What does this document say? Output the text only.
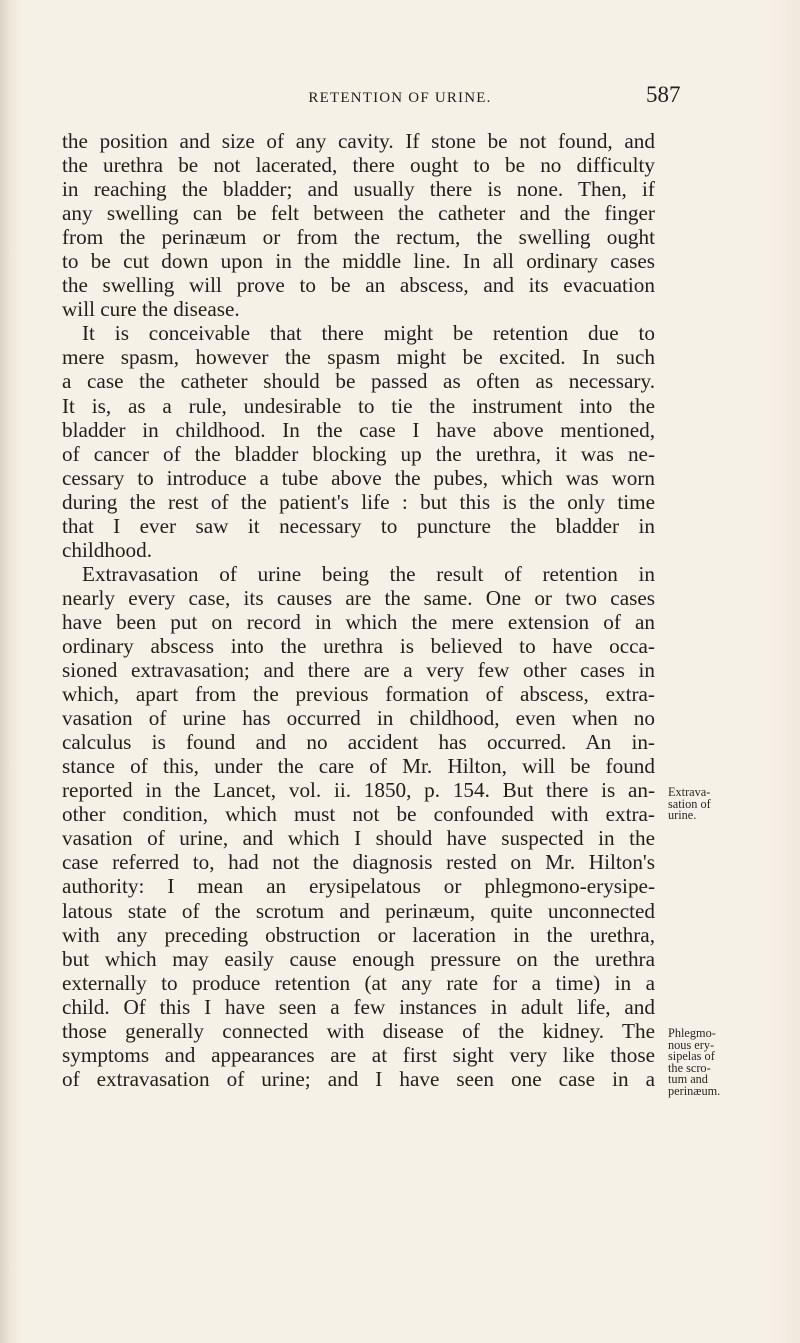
RETENTION OF URINE.	587
the position and size of any cavity. If stone be not found, and
the urethra be not lacerated, there ought to be no difficulty
in reaching the bladder; and usually there is none. Then, if
any swelling can be felt between the catheter and the finger
from the perinæum or from the rectum, the swelling ought
to be cut down upon in the middle line. In all ordinary cases
the swelling will prove to be an abscess, and its evacuation
will cure the disease.
It is conceivable that there might be retention due to
mere spasm, however the spasm might be excited. In such
a case the catheter should be passed as often as necessary.
It is, as a rule, undesirable to tie the instrument into the
bladder in childhood. In the case I have above mentioned,
of cancer of the bladder blocking up the urethra, it was ne-
cessary to introduce a tube above the pubes, which was worn
during the rest of the patient's life : but this is the only time
that I ever saw it necessary to puncture the bladder in
childhood.
Extravasation of urine being the result of retention in
nearly every case, its causes are the same. One or two cases
have been put on record in which the mere extension of an
ordinary abscess into the urethra is believed to have occa-
sioned extravasation; and there are a very few other cases in
which, apart from the previous formation of abscess, extra-
vasation of urine has occurred in childhood, even when no
calculus is found and no accident has occurred. An in-
stance of this, under the care of Mr. Hilton, will be found
reported in the Lancet, vol. ii. 1850, p. 154. But there is an-
other condition, which must not be confounded with extra-
vasation of urine, and which I should have suspected in the
case referred to, had not the diagnosis rested on Mr. Hilton's
authority: I mean an erysipelatous or phlegmono-erysipe-
latous state of the scrotum and perinæum, quite unconnected
with any preceding obstruction or laceration in the urethra,
but which may easily cause enough pressure on the urethra
externally to produce retention (at any rate for a time) in a
child. Of this I have seen a few instances in adult life, and
those generally connected with disease of the kidney. The
symptoms and appearances are at first sight very like those
of extravasation of urine; and I have seen one case in a
Extrava-
sation of
urine.
Phlegmo-
nous ery-
sipelas of
the scro-
tum and
perinæum.
